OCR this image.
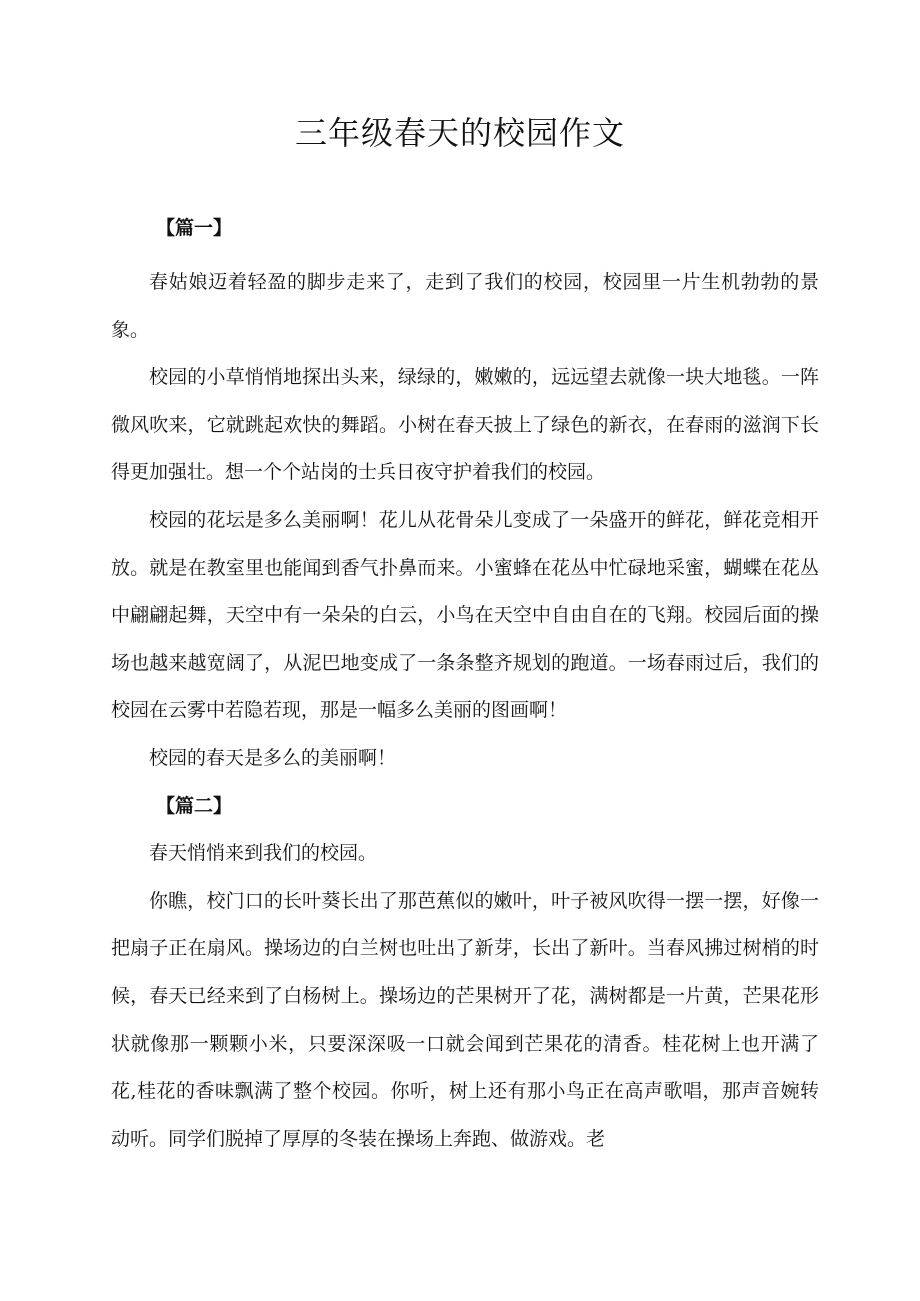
三年级春天的校园作文
【篇一】

春姑娘迈着轻盈的脚步走来了，走到了我们的校园，校园里一片生机勃勃的景象。

校园的小草悄悄地探出头来，绿绿的，嫩嫩的，远远望去就像一块大地毯。一阵微风吹来，它就跳起欢快的舞蹈。小树在春天披上了绿色的新衣，在春雨的滋润下长得更加强壮。想一个个站岗的士兵日夜守护着我们的校园。

校园的花坛是多么美丽啊！花儿从花骨朵儿变成了一朵盛开的鲜花，鲜花竞相开放。就是在教室里也能闻到香气扑鼻而来。小蜜蜂在花丛中忙碌地采蜜，蝴蝶在花丛中翩翩起舞，天空中有一朵朵的白云，小鸟在天空中自由自在的飞翔。校园后面的操场也越来越宽阔了，从泥巴地变成了一条条整齐规划的跑道。一场春雨过后，我们的校园在云雾中若隐若现，那是一幅多么美丽的图画啊！

校园的春天是多么的美丽啊！

【篇二】

春天悄悄来到我们的校园。

你瞧，校门口的长叶葵长出了那芭蕉似的嫩叶，叶子被风吹得一摆一摆，好像一把扇子正在扇风。操场边的白兰树也吐出了新芽，长出了新叶。当春风拂过树梢的时候，春天已经来到了白杨树上。操场边的芒果树开了花，满树都是一片黄，芒果花形状就像那一颗颗小米，只要深深吸一口就会闻到芒果花的清香。桂花树上也开满了花,桂花的香味飘满了整个校园。你听，树上还有那小鸟正在高声歌唱，那声音婉转动听。同学们脱掉了厚厚的冬装在操场上奔跑、做游戏。老
